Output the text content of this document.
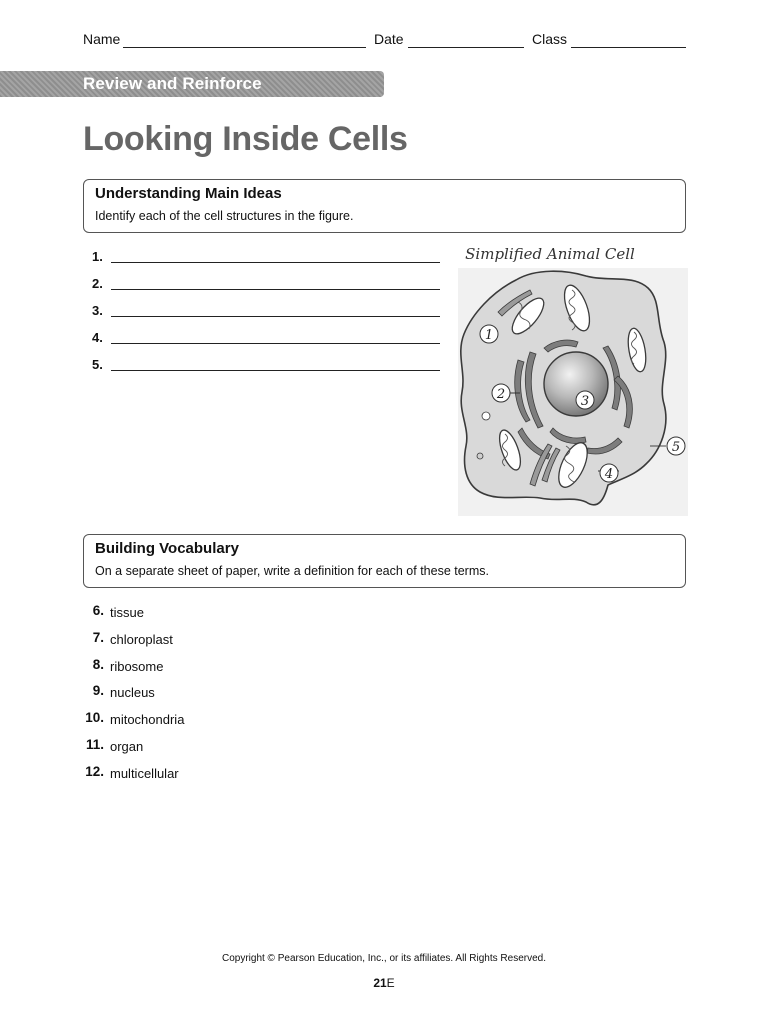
Name	Date	Class
Review and Reinforce
Looking Inside Cells
Understanding Main Ideas
Identify each of the cell structures in the figure.
1.
2.
3.
4.
5.
Simplified Animal Cell
1
2	3
4
5
Building Vocabulary
On a separate sheet of paper, write a definition for each of these terms.
6. tissue
7. chloroplast
8. ribosome
9. nucleus
10. mitochondria
11. organ
12. multicellular
Copyright © Pearson Education, Inc., or its affiliates. All Rights Reserved.
21E
